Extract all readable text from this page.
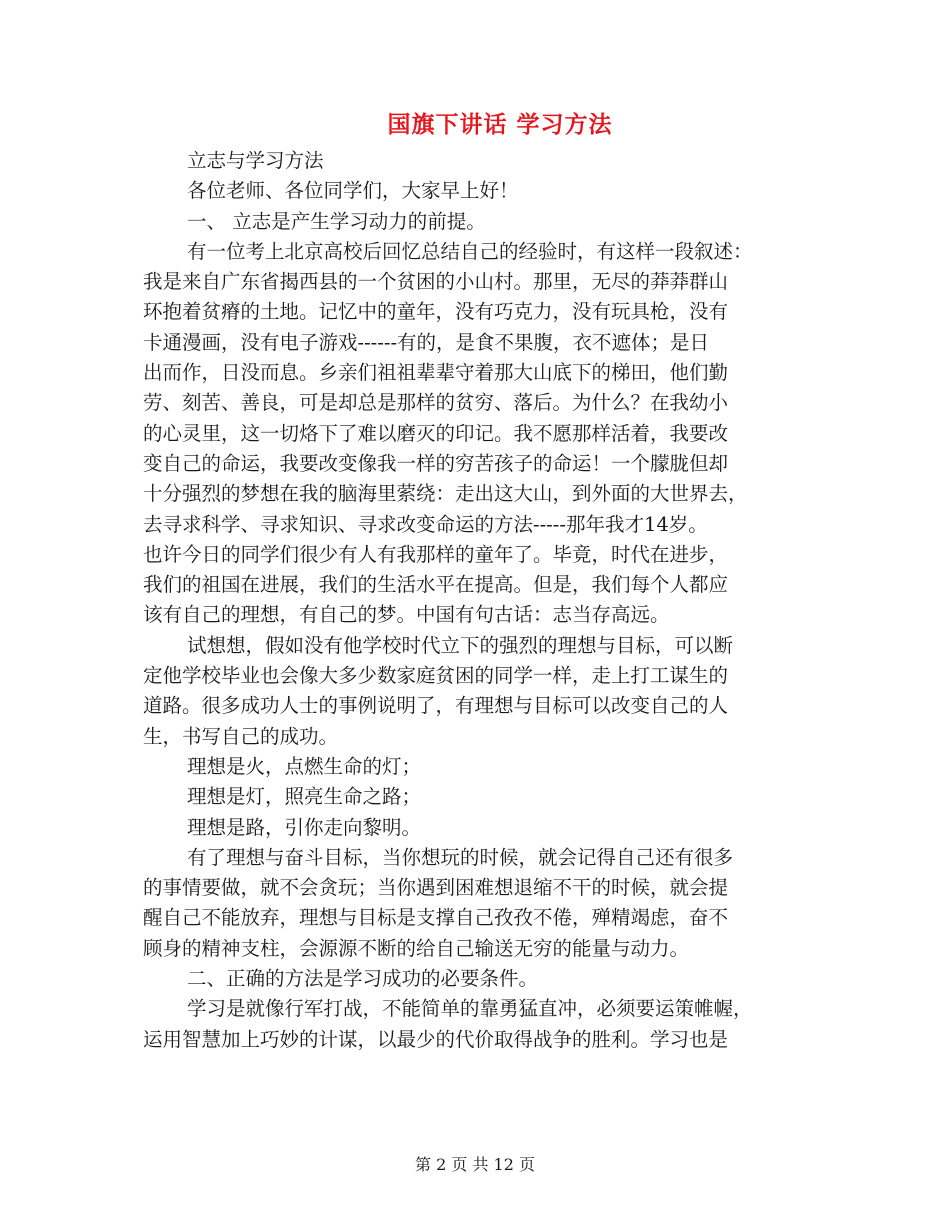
国旗下讲话 学习方法
立志与学习方法
各位老师、各位同学们，大家早上好！
一、 立志是产生学习动力的前提。
有一位考上北京高校后回忆总结自己的经验时，有这样一段叙述：
我是来自广东省揭西县的一个贫困的小山村。那里，无尽的莽莽群山
环抱着贫瘠的土地。记忆中的童年，没有巧克力，没有玩具枪，没有
卡通漫画，没有电子游戏------有的，是食不果腹，衣不遮体；是日
出而作，日没而息。乡亲们祖祖辈辈守着那大山底下的梯田，他们勤
劳、刻苦、善良，可是却总是那样的贫穷、落后。为什么？在我幼小
的心灵里，这一切烙下了难以磨灭的印记。我不愿那样活着，我要改
变自己的命运，我要改变像我一样的穷苦孩子的命运！一个朦胧但却
十分强烈的梦想在我的脑海里萦绕：走出这大山，到外面的大世界去，
去寻求科学、寻求知识、寻求改变命运的方法-----那年我才14岁。
也许今日的同学们很少有人有我那样的童年了。毕竟，时代在进步，
我们的祖国在进展，我们的生活水平在提高。但是，我们每个人都应
该有自己的理想，有自己的梦。中国有句古话：志当存高远。
试想想，假如没有他学校时代立下的强烈的理想与目标，可以断
定他学校毕业也会像大多少数家庭贫困的同学一样，走上打工谋生的
道路。很多成功人士的事例说明了，有理想与目标可以改变自己的人
生，书写自己的成功。
理想是火，点燃生命的灯；
理想是灯，照亮生命之路；
理想是路，引你走向黎明。
有了理想与奋斗目标，当你想玩的时候，就会记得自己还有很多
的事情要做，就不会贪玩；当你遇到困难想退缩不干的时候，就会提
醒自己不能放弃，理想与目标是支撑自己孜孜不倦，殚精竭虑，奋不
顾身的精神支柱，会源源不断的给自己输送无穷的能量与动力。
二、正确的方法是学习成功的必要条件。
学习是就像行军打战，不能简单的靠勇猛直冲，必须要运策帷幄，
运用智慧加上巧妙的计谋，以最少的代价取得战争的胜利。学习也是
第 2 页 共 12 页
